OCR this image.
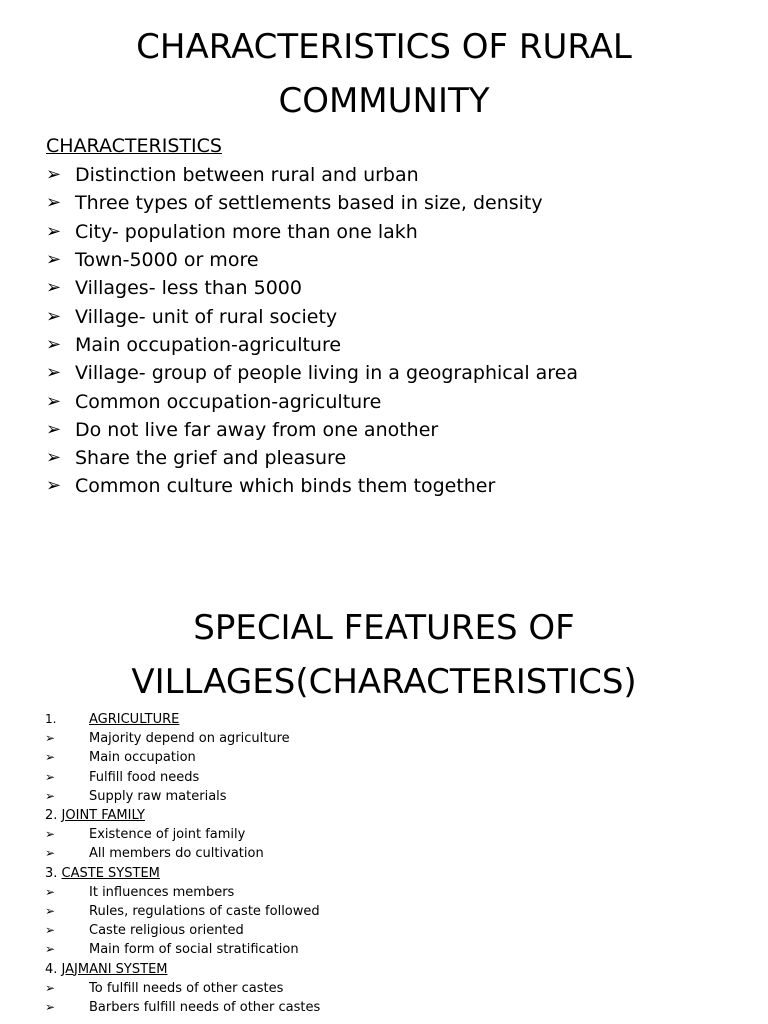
CHARACTERISTICS OF RURAL
COMMUNITY

CHARACTERISTICS

➢ Distinction between rural and urban
➢ Three types of settlements based in size, density
➢ City- population more than one lakh
➢ Town-5000 or more
➢ Villages- less than 5000
➢ Village- unit of rural society
➢ Main occupation-agriculture
➢ Village- group of people living in a geographical area
➢ Common occupation-agriculture
➢ Do not live far away from one another
➢ Share the grief and pleasure
➢ Common culture which binds them together
SPECIAL FEATURES OF
VILLAGES(CHARACTERISTICS)
1.	AGRICULTURE
➢	Majority depend on agriculture
➢	Main occupation
➢	Fulfill food needs
➢	Supply raw materials
2.
JOINT FAMILY
➢	Existence of joint family
➢	All members do cultivation
3.
CASTE SYSTEM
➢	It influences members
➢	Rules, regulations of caste followed
➢	Caste religious oriented
➢	Main form of social stratification
4.
JAJMANI SYSTEM
➢	To fulfill needs of other castes
➢	Barbers fulfill needs of other castes
